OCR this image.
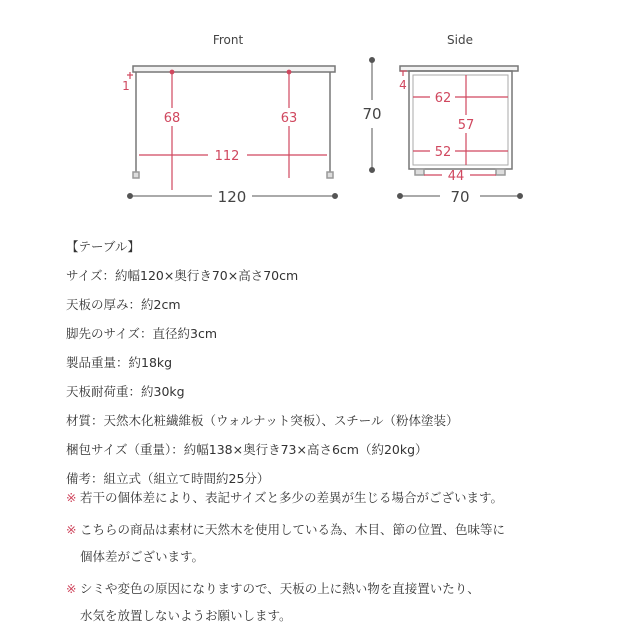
Front
1
68	63
112
120
70
Side
4
62
57
52
44
70
【テーブル】
サイズ：約幅120×奥行き70×高さ70cm
天板の厚み：約2cm
脚先のサイズ：直径約3cm
製品重量：約18kg
天板耐荷重：約30kg
材質：天然木化粧繊維板（ウォルナット突板）、スチール（粉体塗装）
梱包サイズ（重量）：約幅138×奥行き73×高さ6cm（約20kg）
備考：組立式（組立て時間約25分）
※ 若干の個体差により、表記サイズと多少の差異が生じる場合がございます。
※ こちらの商品は素材に天然木を使用している為、木目、節の位置、色味等に
個体差がございます。
※ シミや変色の原因になりますので、天板の上に熱い物を直接置いたり、
水気を放置しないようお願いします。
